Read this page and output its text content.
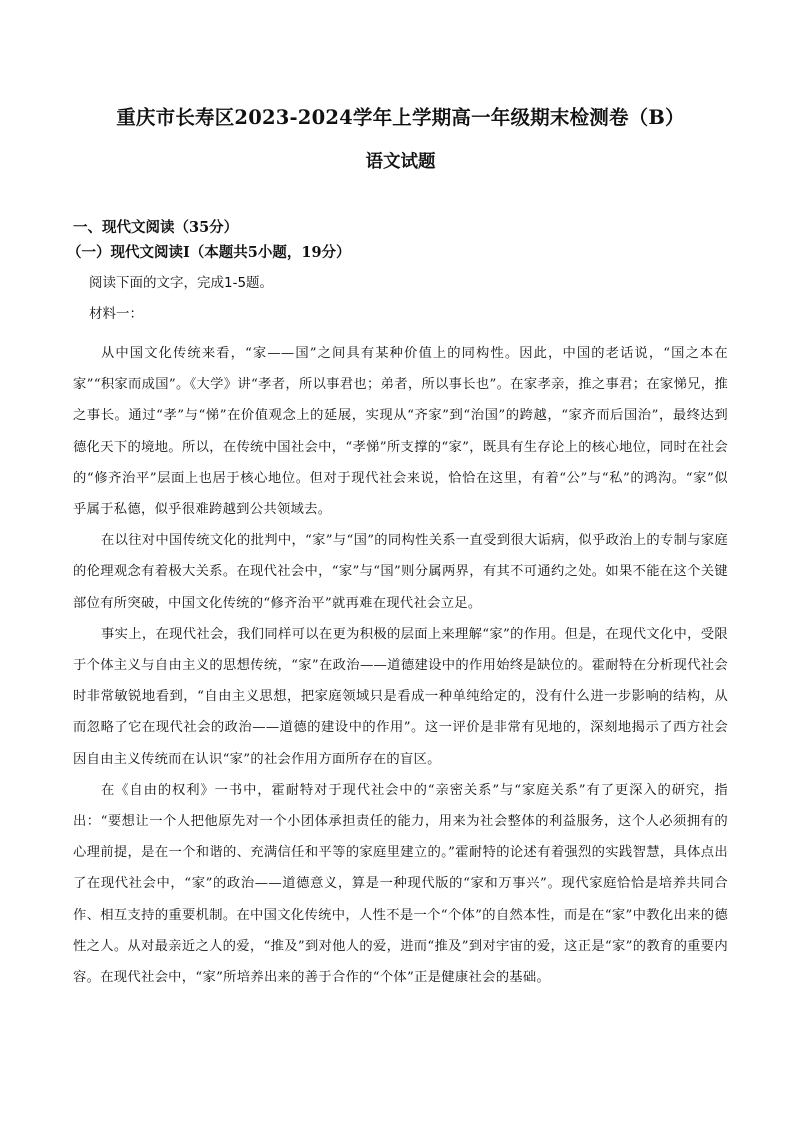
重庆市长寿区2023-2024学年上学期高一年级期末检测卷（B）
语文试题
一、现代文阅读（35分）
（一）现代文阅读Ⅰ（本题共5小题，19分）

阅读下面的文字，完成1-5题。

材料一：

从中国文化传统来看，“家——国”之间具有某种价值上的同构性。因此，中国的老话说，“国之本在家”“积家而成国”。《大学》讲“孝者，所以事君也；弟者，所以事长也”。在家孝亲，推之事君；在家悌兄，推之事长。通过“孝”与“悌”在价值观念上的延展，实现从“齐家”到“治国”的跨越，“家齐而后国治”，最终达到德化天下的境地。所以，在传统中国社会中，“孝悌”所支撑的“家”，既具有生存论上的核心地位，同时在社会的“修齐治平”层面上也居于核心地位。但对于现代社会来说，恰恰在这里，有着“公”与“私”的鸿沟。“家”似乎属于私德，似乎很难跨越到公共领域去。

在以往对中国传统文化的批判中，“家”与“国”的同构性关系一直受到很大诟病，似乎政治上的专制与家庭的伦理观念有着极大关系。在现代社会中，“家”与“国”则分属两界，有其不可通约之处。如果不能在这个关键部位有所突破，中国文化传统的“修齐治平”就再难在现代社会立足。

事实上，在现代社会，我们同样可以在更为积极的层面上来理解“家”的作用。但是，在现代文化中，受限于个体主义与自由主义的思想传统，“家”在政治——道德建设中的作用始终是缺位的。霍耐特在分析现代社会时非常敏锐地看到，“自由主义思想，把家庭领域只是看成一种单纯给定的，没有什么进一步影响的结构，从而忽略了它在现代社会的政治——道德的建设中的作用”。这一评价是非常有见地的，深刻地揭示了西方社会因自由主义传统而在认识“家”的社会作用方面所存在的盲区。

在《自由的权利》一书中，霍耐特对于现代社会中的“亲密关系”与“家庭关系”有了更深入的研究，指出：“要想让一个人把他原先对一个小团体承担责任的能力，用来为社会整体的利益服务，这个人必须拥有的心理前提，是在一个和谐的、充满信任和平等的家庭里建立的。”霍耐特的论述有着强烈的实践智慧，具体点出了在现代社会中，“家”的政治——道德意义，算是一种现代版的“家和万事兴”。现代家庭恰恰是培养共同合作、相互支持的重要机制。在中国文化传统中，人性不是一个“个体”的自然本性，而是在“家”中教化出来的德性之人。从对最亲近之人的爱，“推及”到对他人的爱，进而“推及”到对宇宙的爱，这正是“家”的教育的重要内容。在现代社会中，“家”所培养出来的善于合作的“个体”正是健康社会的基础。
